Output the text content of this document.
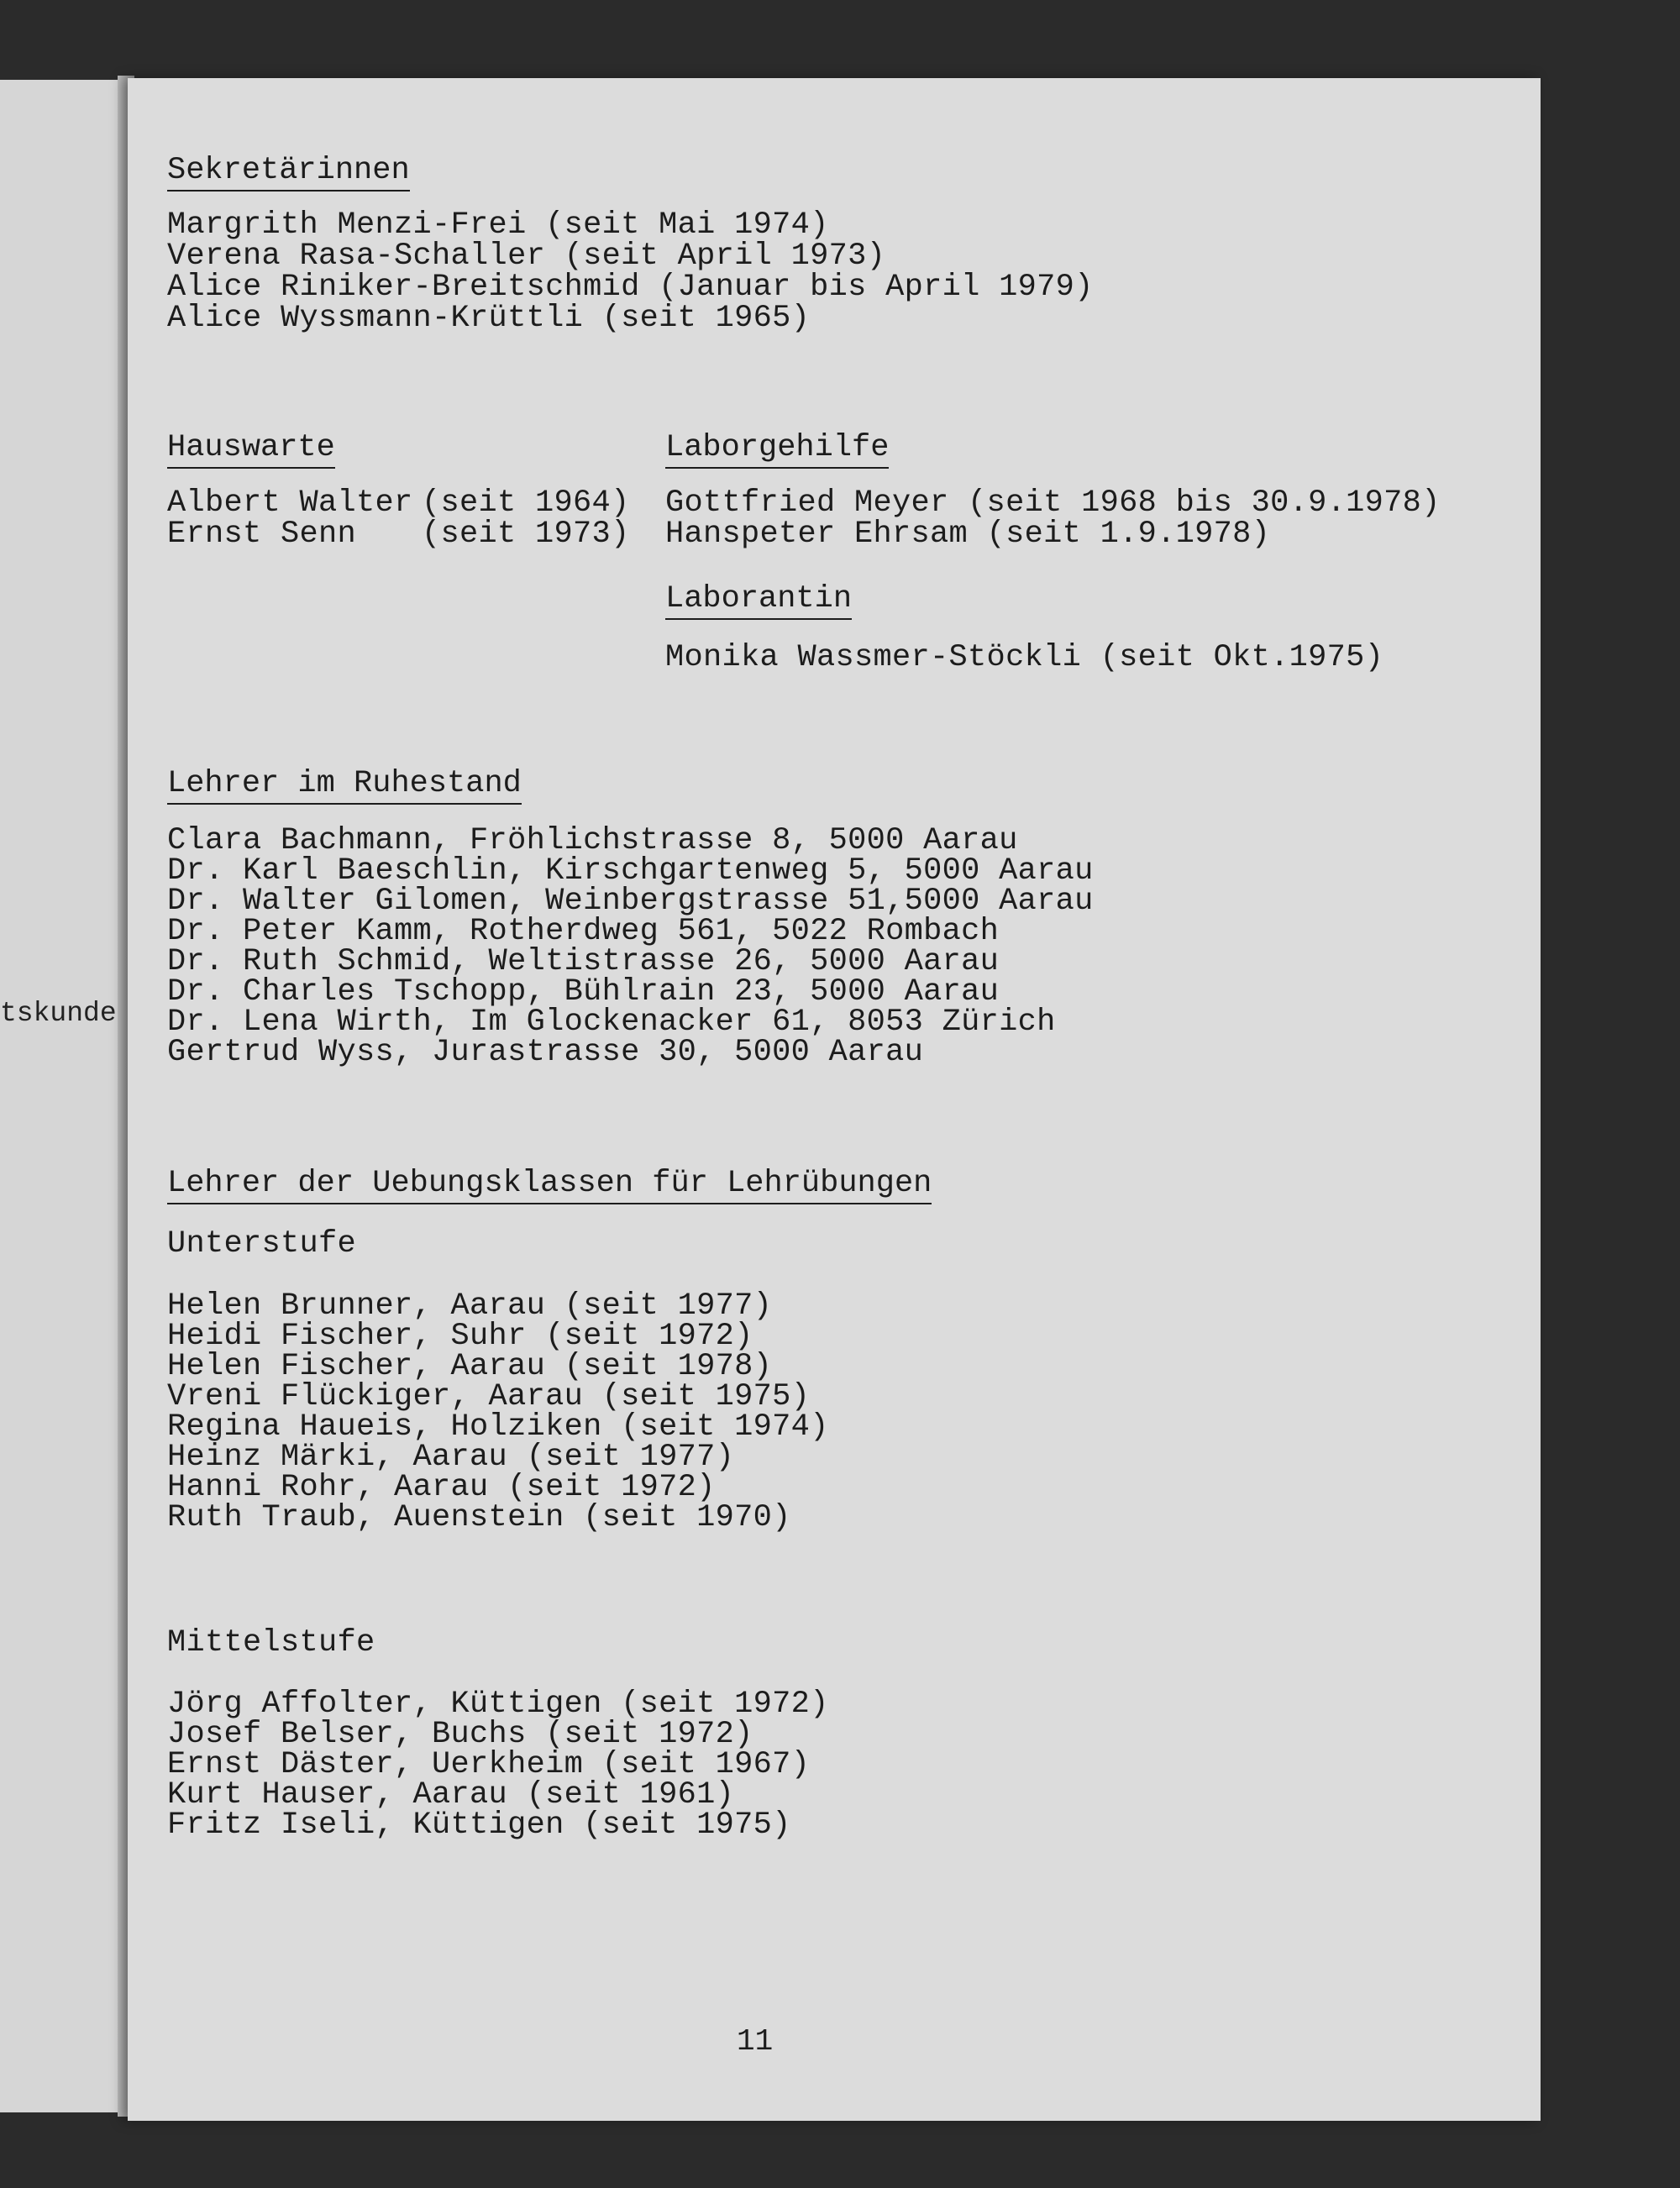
tskunde
Sekretärinnen
Margrith Menzi-Frei (seit Mai 1974)
Verena Rasa-Schaller (seit April 1973)
Alice Riniker-Breitschmid (Januar bis April 1979)
Alice Wyssmann-Krüttli (seit 1965)
Hauswarte
Albert Walter (seit 1964)
Ernst Senn (seit 1973)
Laborgehilfe
Gottfried Meyer (seit 1968 bis 30.9.1978)
Hanspeter Ehrsam (seit 1.9.1978)
Laborantin
Monika Wassmer-Stöckli (seit Okt.1975)
Lehrer im Ruhestand
Clara Bachmann, Fröhlichstrasse 8, 5000 Aarau
Dr. Karl Baeschlin, Kirschgartenweg 5, 5000 Aarau
Dr. Walter Gilomen, Weinbergstrasse 51,5000 Aarau
Dr. Peter Kamm, Rotherdweg 561, 5022 Rombach
Dr. Ruth Schmid, Weltistrasse 26, 5000 Aarau
Dr. Charles Tschopp, Bühlrain 23, 5000 Aarau
Dr. Lena Wirth, Im Glockenacker 61, 8053 Zürich
Gertrud Wyss, Jurastrasse 30, 5000 Aarau
Lehrer der Uebungsklassen für Lehrübungen
Unterstufe
Helen Brunner, Aarau (seit 1977)
Heidi Fischer, Suhr (seit 1972)
Helen Fischer, Aarau (seit 1978)
Vreni Flückiger, Aarau (seit 1975)
Regina Haueis, Holziken (seit 1974)
Heinz Märki, Aarau (seit 1977)
Hanni Rohr, Aarau (seit 1972)
Ruth Traub, Auenstein (seit 1970)
Mittelstufe
Jörg Affolter, Küttigen (seit 1972)
Josef Belser, Buchs (seit 1972)
Ernst Däster, Uerkheim (seit 1967)
Kurt Hauser, Aarau (seit 1961)
Fritz Iseli, Küttigen (seit 1975)
11
